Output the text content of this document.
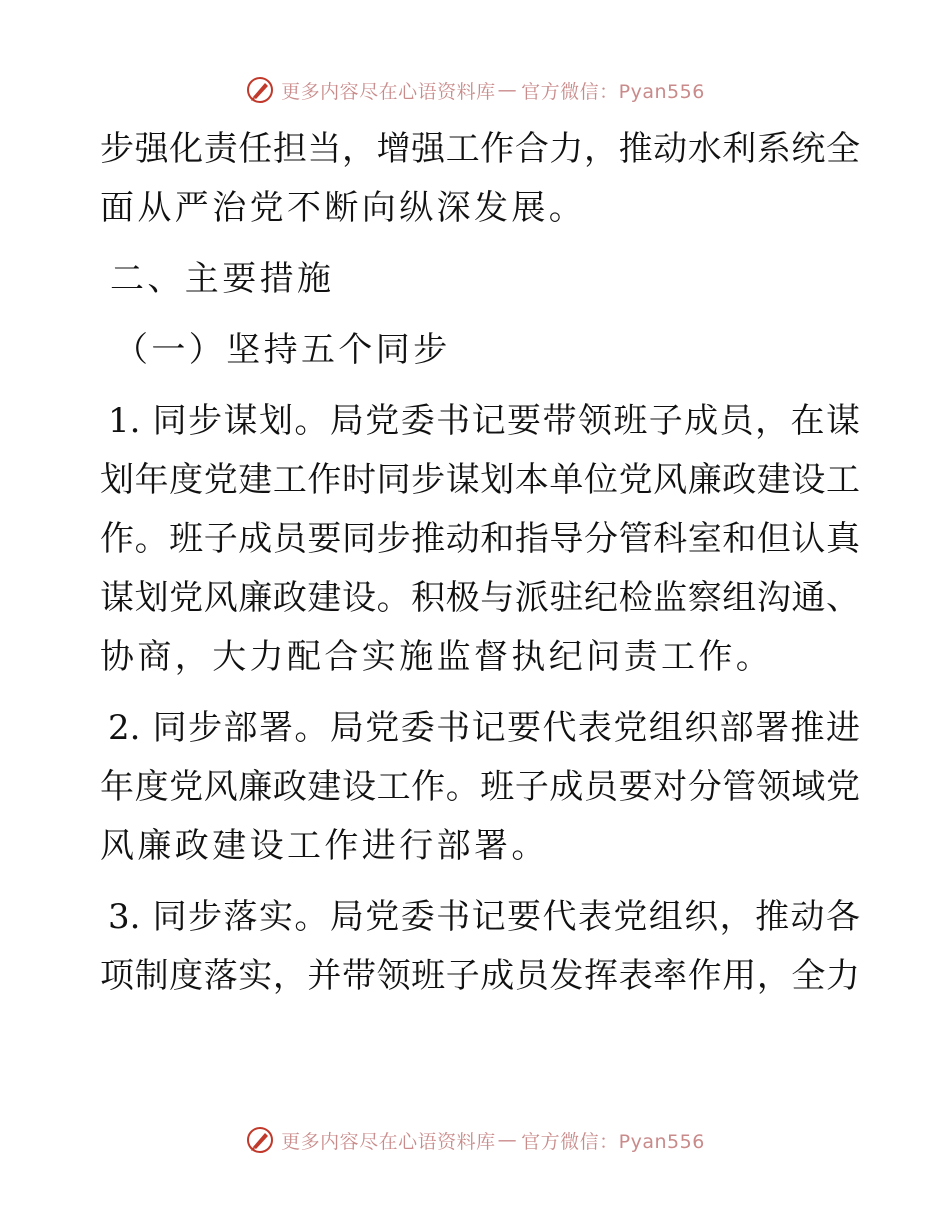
更多内容尽在心语资料库 — 官方微信：Pyan556
步强化责任担当，增强工作合力，推动水利系统全
面从严治党不断向纵深发展。
二、主要措施
（一）坚持五个同步
1. 同步谋划。局党委书记要带领班子成员，在谋
划年度党建工作时同步谋划本单位党风廉政建设工
作。班子成员要同步推动和指导分管科室和但认真
谋划党风廉政建设。积极与派驻纪检监察组沟通、
协商，大力配合实施监督执纪问责工作。
2. 同步部署。局党委书记要代表党组织部署推进
年度党风廉政建设工作。班子成员要对分管领域党
风廉政建设工作进行部署。
3. 同步落实。局党委书记要代表党组织，推动各
项制度落实，并带领班子成员发挥表率作用，全力
更多内容尽在心语资料库 — 官方微信：Pyan556
